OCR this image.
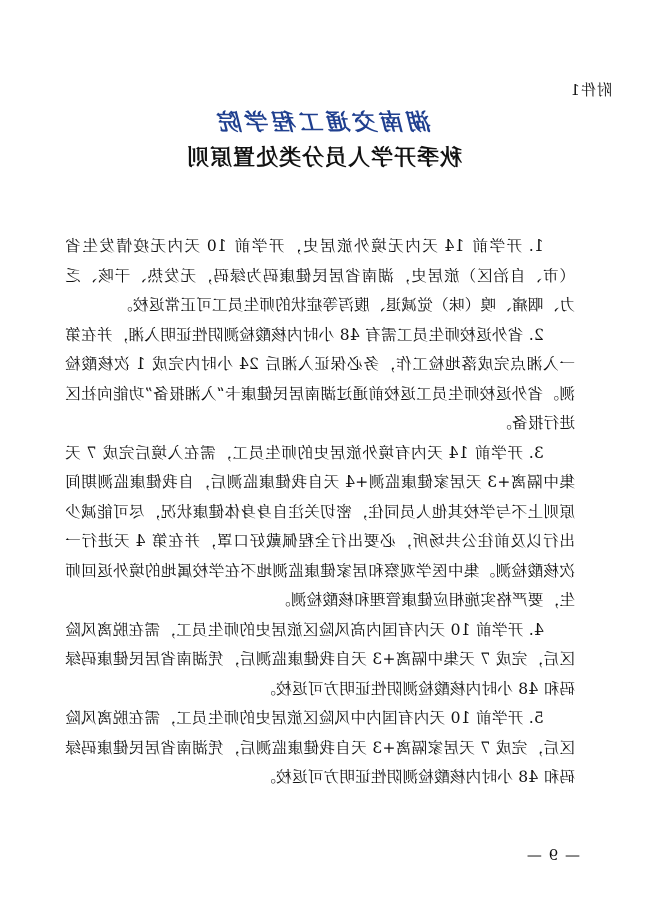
附件1
湖南交通工程学院
秋季开学人员分类处置原则

1. 开学前 14 天内无境外旅居史，开学前 10 天内无疫情发生省（市、自治区）旅居史，湖南省居民健康码为绿码，无发热、干咳、乏力、咽痛、嗅（味）觉减退、腹泻等症状的师生员工可正常返校。

2. 省外返校师生员工需有 48 小时内核酸检测阴性证明入湘，并在第一入湘点完成落地检工作，务必保证入湘后 24 小时内完成 1 次核酸检测。省外返校师生员工返校前通过湖南居民健康卡“入湘报备”功能向社区进行报备。

3. 开学前 14 天内有境外旅居史的师生员工，需在入境后完成 7 天集中隔离+3 天居家健康监测+4 天自我健康监测后，自我健康监测期间原则上不与学校其他人员同住，密切关注自身身体健康状况，尽可能减少出行以及前往公共场所，必要出行全程佩戴好口罩，并在第 4 天进行一次核酸检测。集中医学观察和居家健康监测地不在学校属地的境外返回师生，要严格实施相应健康管理和核酸检测。

4. 开学前 10 天内有国内高风险区旅居史的师生员工，需在脱离风险区后，完成 7 天集中隔离+3 天自我健康监测后，凭湖南省居民健康码绿码和 48 小时内核酸检测阴性证明方可返校。

5. 开学前 10 天内有国内中风险区旅居史的师生员工，需在脱离风险区后，完成 7 天居家隔离+3 天自我健康监测后，凭湖南省居民健康码绿码和 48 小时内核酸检测阴性证明方可返校。

— 9 —
